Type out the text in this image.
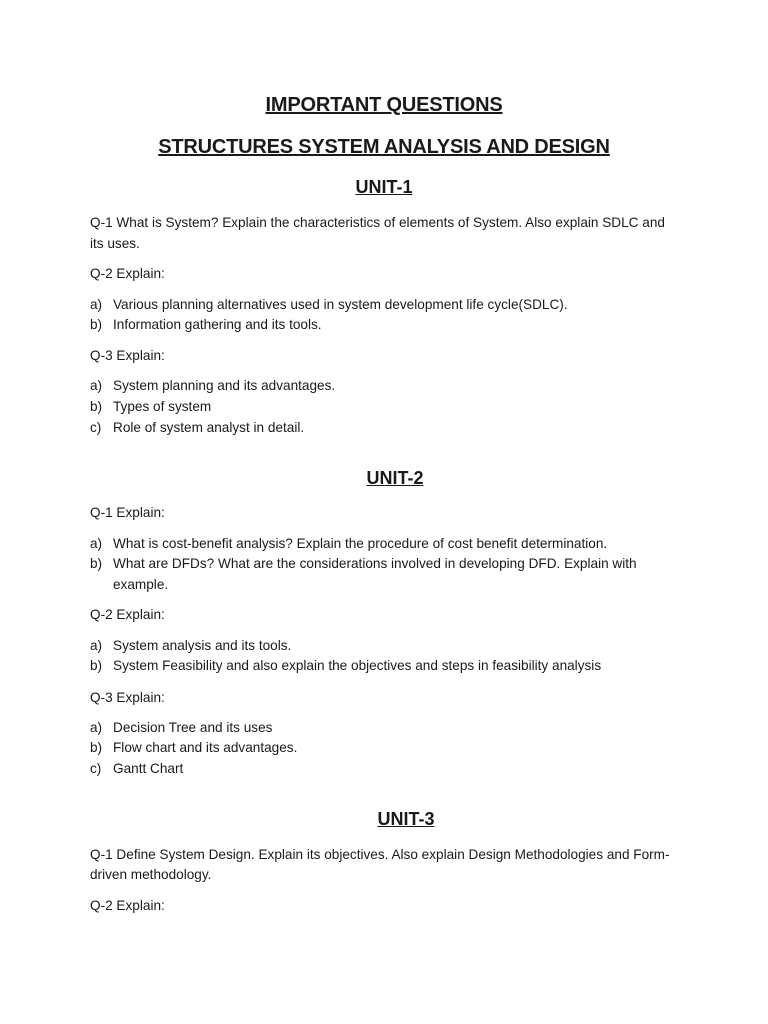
IMPORTANT QUESTIONS
STRUCTURES SYSTEM ANALYSIS AND DESIGN
UNIT-1
Q-1 What is System? Explain the characteristics of elements of System. Also explain SDLC and
its uses.
Q-2 Explain:
a) Various planning alternatives used in system development life cycle(SDLC).
b) Information gathering and its tools.
Q-3 Explain:
a) System planning and its advantages.
b) Types of system
c) Role of system analyst in detail.
UNIT-2
Q-1 Explain:
a) What is cost-benefit analysis? Explain the procedure of cost benefit determination.
b) What are DFDs? What are the considerations involved in developing DFD. Explain with
example.
Q-2 Explain:
a) System analysis and its tools.
b) System Feasibility and also explain the objectives and steps in feasibility analysis
Q-3 Explain:
a) Decision Tree and its uses
b) Flow chart and its advantages.
c) Gantt Chart
UNIT-3
Q-1 Define System Design. Explain its objectives. Also explain Design Methodologies and Form-
driven methodology.
Q-2 Explain:
